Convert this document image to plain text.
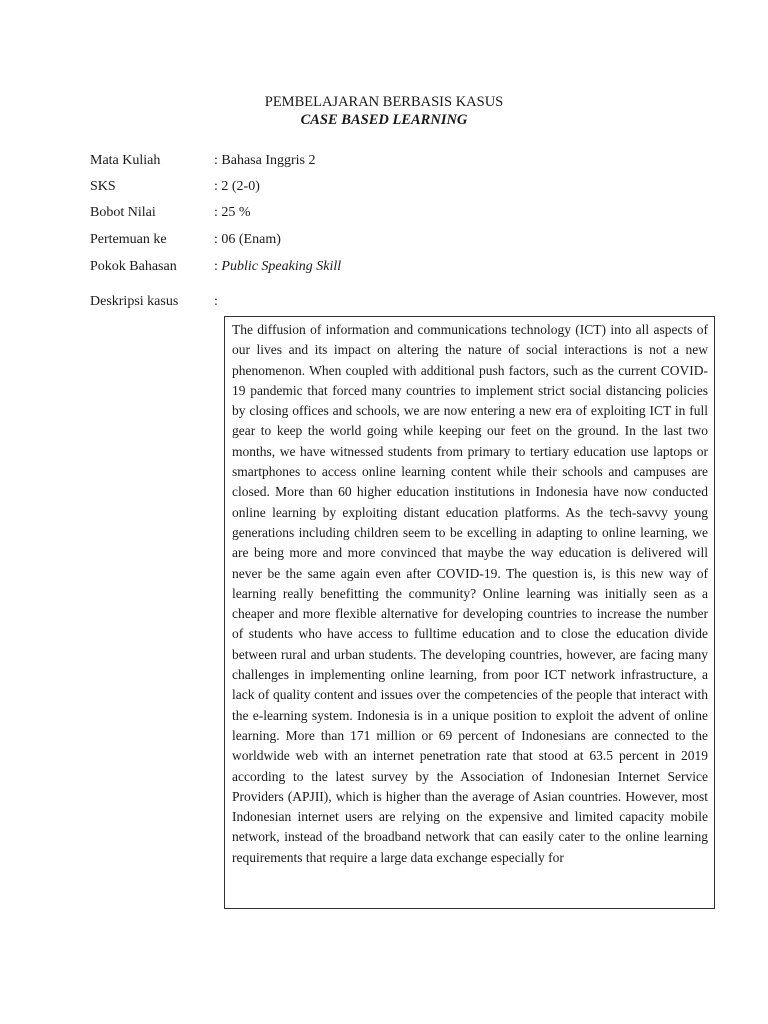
PEMBELAJARAN BERBASIS KASUS
CASE BASED LEARNING
Mata Kuliah	: Bahasa Inggris 2
SKS	: 2 (2-0)
Bobot Nilai	: 25 %
Pertemuan ke	: 06 (Enam)
Pokok Bahasan	: Public Speaking Skill
Deskripsi kasus	:

The diffusion of information and communications technology (ICT) into all aspects of our lives and its impact on altering the nature of social interactions is not a new phenomenon. When coupled with additional push factors, such as the current COVID-19 pandemic that forced many countries to implement strict social distancing policies by closing offices and schools, we are now entering a new era of exploiting ICT in full gear to keep the world going while keeping our feet on the ground. In the last two months, we have witnessed students from primary to tertiary education use laptops or smartphones to access online learning content while their schools and campuses are closed. More than 60 higher education institutions in Indonesia have now conducted online learning by exploiting distant education platforms. As the tech-savvy young generations including children seem to be excelling in adapting to online learning, we are being more and more convinced that maybe the way education is delivered will never be the same again even after COVID-19. The question is, is this new way of learning really benefitting the community? Online learning was initially seen as a cheaper and more flexible alternative for developing countries to increase the number of students who have access to fulltime education and to close the education divide between rural and urban students. The developing countries, however, are facing many challenges in implementing online learning, from poor ICT network infrastructure, a lack of quality content and issues over the competencies of the people that interact with the e-learning system. Indonesia is in a unique position to exploit the advent of online learning. More than 171 million or 69 percent of Indonesians are connected to the worldwide web with an internet penetration rate that stood at 63.5 percent in 2019 according to the latest survey by the Association of Indonesian Internet Service Providers (APJII), which is higher than the average of Asian countries. However, most Indonesian internet users are relying on the expensive and limited capacity mobile network, instead of the broadband network that can easily cater to the online learning requirements that require a large data exchange especially for
